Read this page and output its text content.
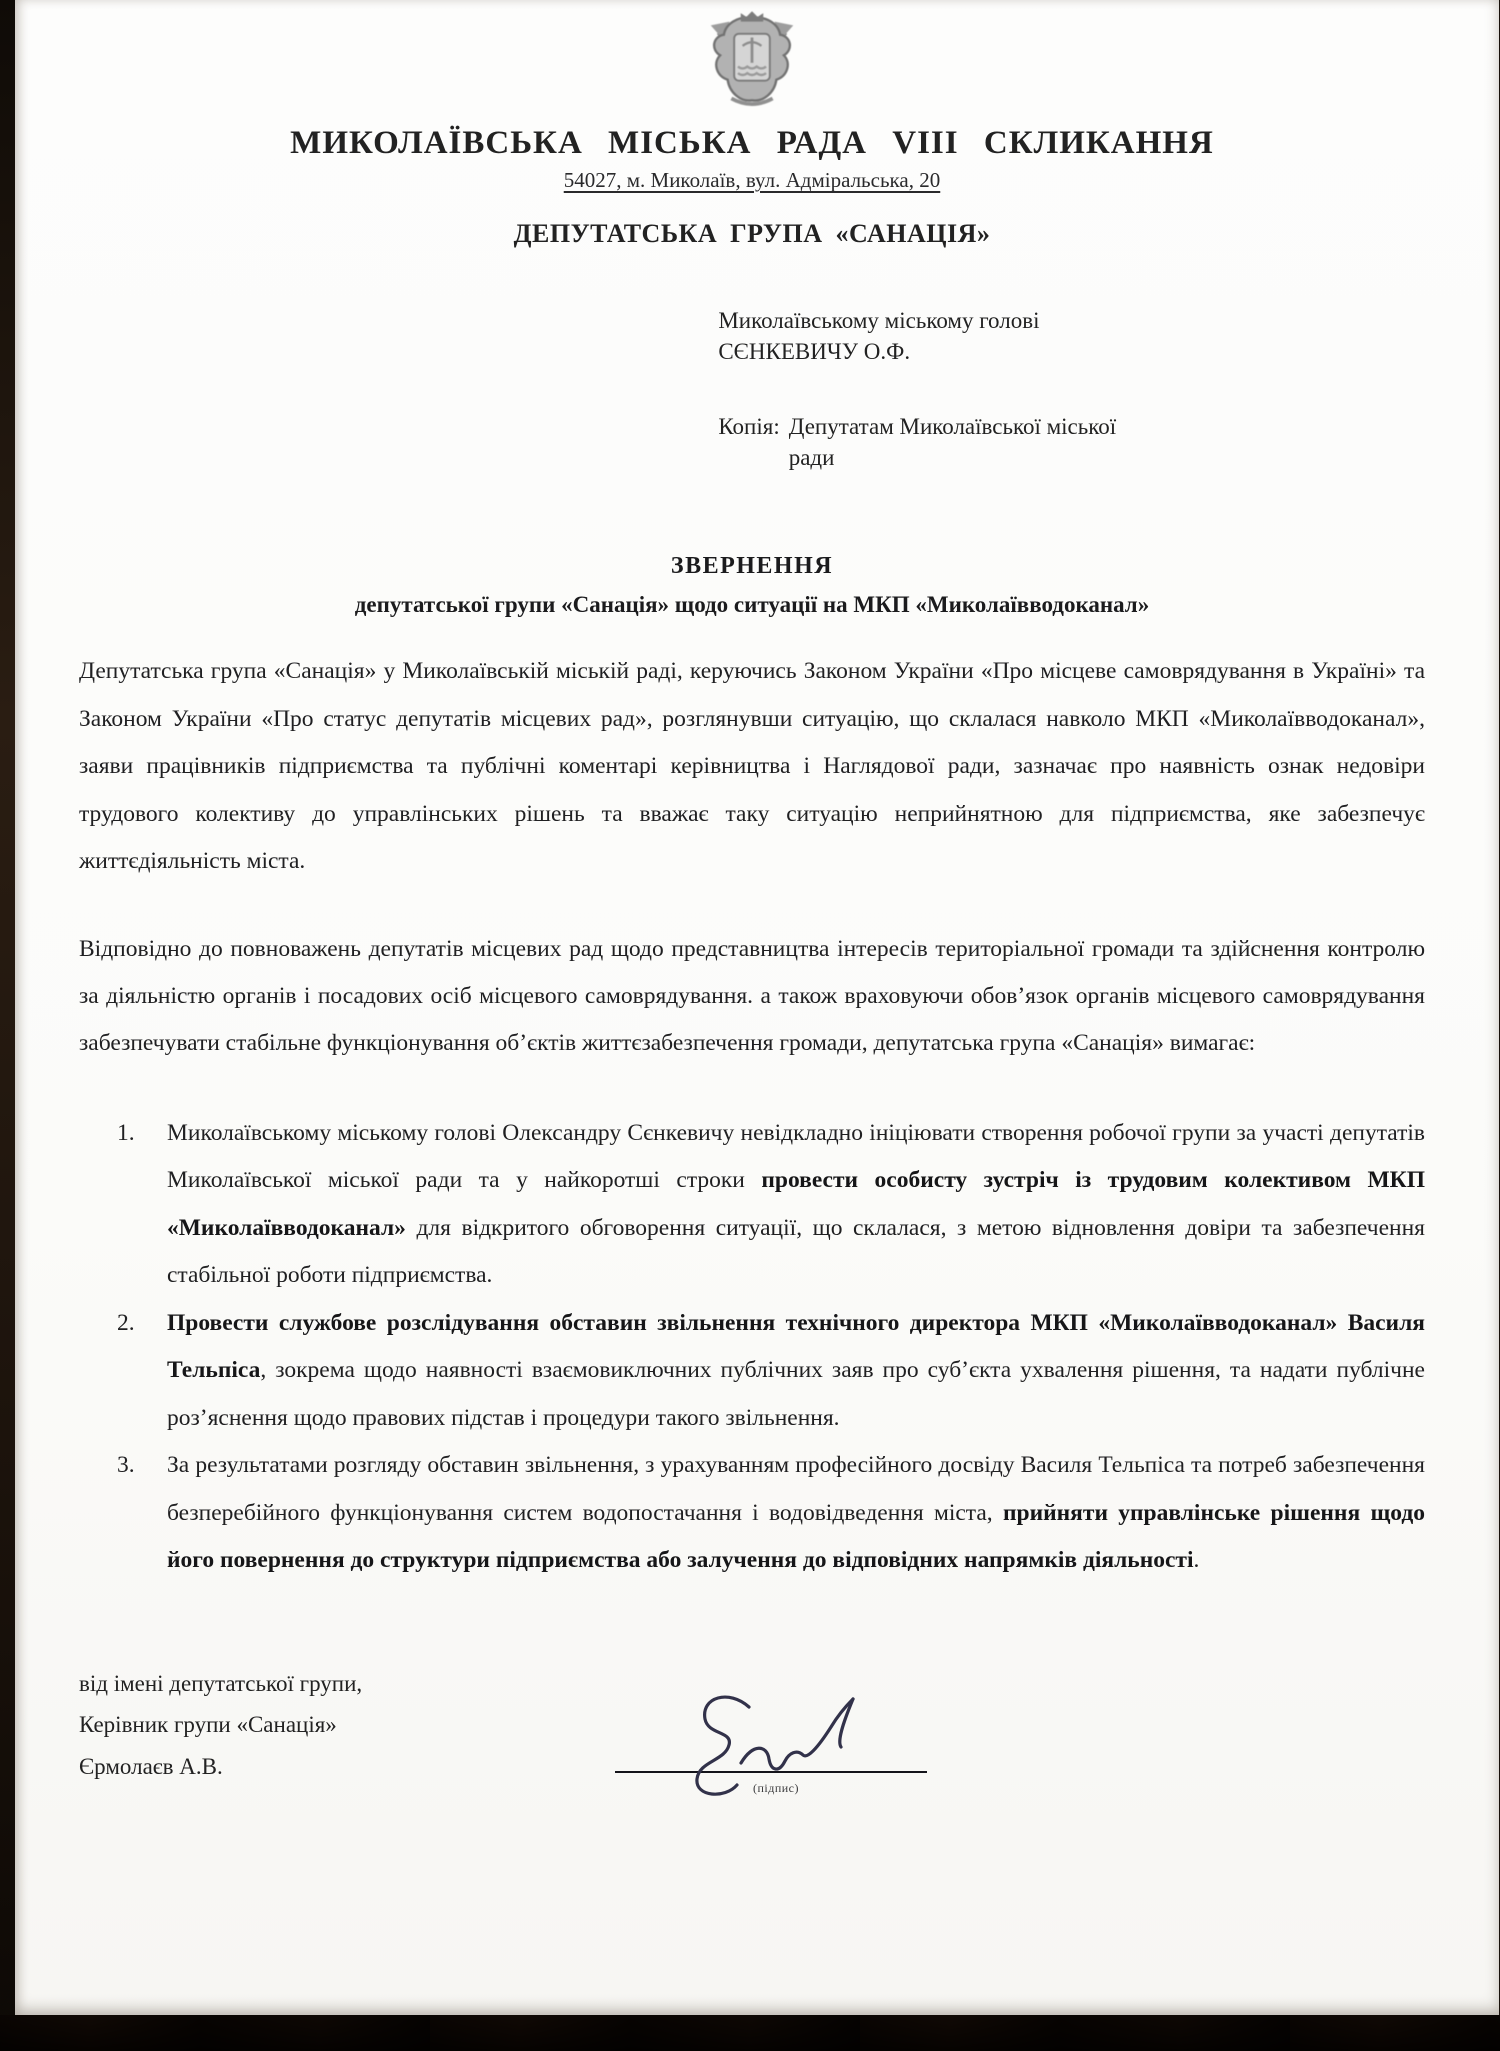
МИКОЛАЇВСЬКА МІСЬКА РАДА VIII СКЛИКАННЯ
54027, м. Миколаїв, вул. Адміральська, 20
ДЕПУТАТСЬКА ГРУПА «САНАЦІЯ»
Миколаївському міському голові
СЄНКЕВИЧУ О.Ф.
Копія: Депутатам Миколаївської міської
ради
ЗВЕРНЕННЯ
депутатської групи «Санація» щодо ситуації на МКП «Миколаївводоканал»
Депутатська група «Санація» у Миколаївській міській раді, керуючись Законом України «Про місцеве самоврядування в Україні» та Законом України «Про статус депутатів місцевих рад», розглянувши ситуацію, що склалася навколо МКП «Миколаївводоканал», заяви працівників підприємства та публічні коментарі керівництва і Наглядової ради, зазначає про наявність ознак недовіри трудового колективу до управлінських рішень та вважає таку ситуацію неприйнятною для підприємства, яке забезпечує життєдіяльність міста.
Відповідно до повноважень депутатів місцевих рад щодо представництва інтересів територіальної громади та здійснення контролю за діяльністю органів і посадових осіб місцевого самоврядування. а також враховуючи обов’язок органів місцевого самоврядування забезпечувати стабільне функціонування об’єктів життєзабезпечення громади, депутатська група «Санація» вимагає:
1.	Миколаївському міському голові Олександру Сєнкевичу невідкладно ініціювати створення робочої групи за участі депутатів Миколаївської міської ради та у найкоротші строки провести особисту зустріч із трудовим колективом МКП «Миколаївводоканал» для відкритого обговорення ситуації, що склалася, з метою відновлення довіри та забезпечення стабільної роботи підприємства.
2.	Провести службове розслідування обставин звільнення технічного директора МКП «Миколаївводоканал» Василя Тельпіса, зокрема щодо наявності взаємовиключних публічних заяв про суб’єкта ухвалення рішення, та надати публічне роз’яснення щодо правових підстав і процедури такого звільнення.
3.	За результатами розгляду обставин звільнення, з урахуванням професійного досвіду Василя Тельпіса та потреб забезпечення безперебійного функціонування систем водопостачання і водовідведення міста, прийняти управлінське рішення щодо його повернення до структури підприємства або залучення до відповідних напрямків діяльності.
від імені депутатської групи,
Керівник групи «Санація»
Єрмолаєв А.В.
(підпис)
